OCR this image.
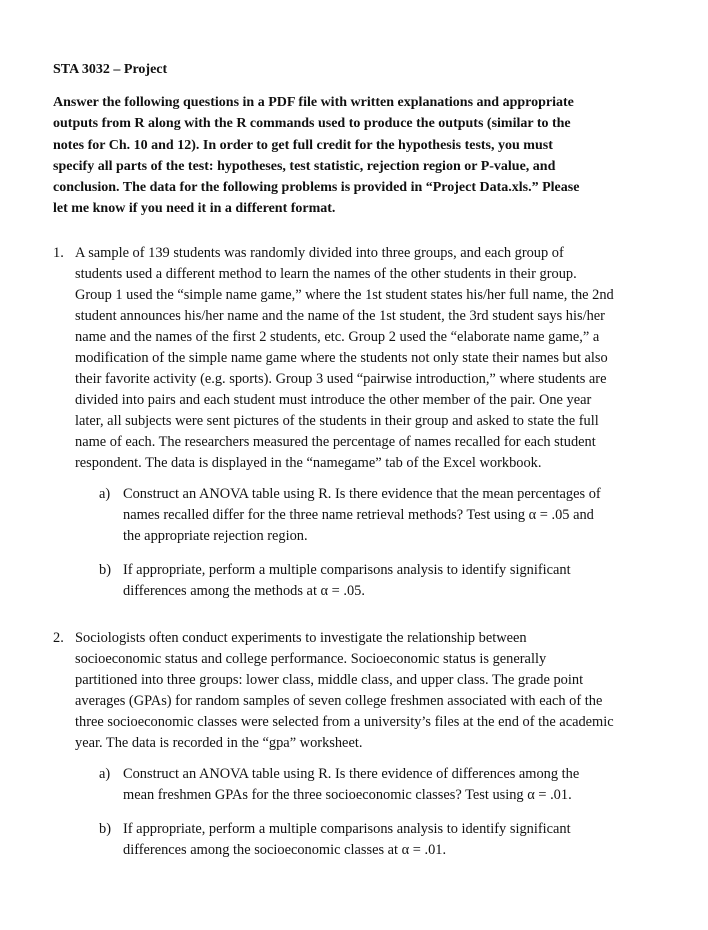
STA 3032 – Project
Answer the following questions in a PDF file with written explanations and appropriate
outputs from R along with the R commands used to produce the outputs (similar to the
notes for Ch. 10 and 12). In order to get full credit for the hypothesis tests, you must
specify all parts of the test: hypotheses, test statistic, rejection region or P-value, and
conclusion. The data for the following problems is provided in “Project Data.xls.” Please
let me know if you need it in a different format.
1. A sample of 139 students was randomly divided into three groups, and each group of
students used a different method to learn the names of the other students in their group.
Group 1 used the “simple name game,” where the 1st student states his/her full name, the 2nd
student announces his/her name and the name of the 1st student, the 3rd student says his/her
name and the names of the first 2 students, etc. Group 2 used the “elaborate name game,” a
modification of the simple name game where the students not only state their names but also
their favorite activity (e.g. sports). Group 3 used “pairwise introduction,” where students are
divided into pairs and each student must introduce the other member of the pair. One year
later, all subjects were sent pictures of the students in their group and asked to state the full
name of each. The researchers measured the percentage of names recalled for each student
respondent. The data is displayed in the “namegame” tab of the Excel workbook.
a) Construct an ANOVA table using R. Is there evidence that the mean percentages of
names recalled differ for the three name retrieval methods? Test using α = .05 and
the appropriate rejection region.
b) If appropriate, perform a multiple comparisons analysis to identify significant
differences among the methods at α = .05.
2. Sociologists often conduct experiments to investigate the relationship between
socioeconomic status and college performance. Socioeconomic status is generally
partitioned into three groups: lower class, middle class, and upper class. The grade point
averages (GPAs) for random samples of seven college freshmen associated with each of the
three socioeconomic classes were selected from a university’s files at the end of the academic
year. The data is recorded in the “gpa” worksheet.
a) Construct an ANOVA table using R. Is there evidence of differences among the
mean freshmen GPAs for the three socioeconomic classes? Test using α = .01.
b) If appropriate, perform a multiple comparisons analysis to identify significant
differences among the socioeconomic classes at α = .01.
